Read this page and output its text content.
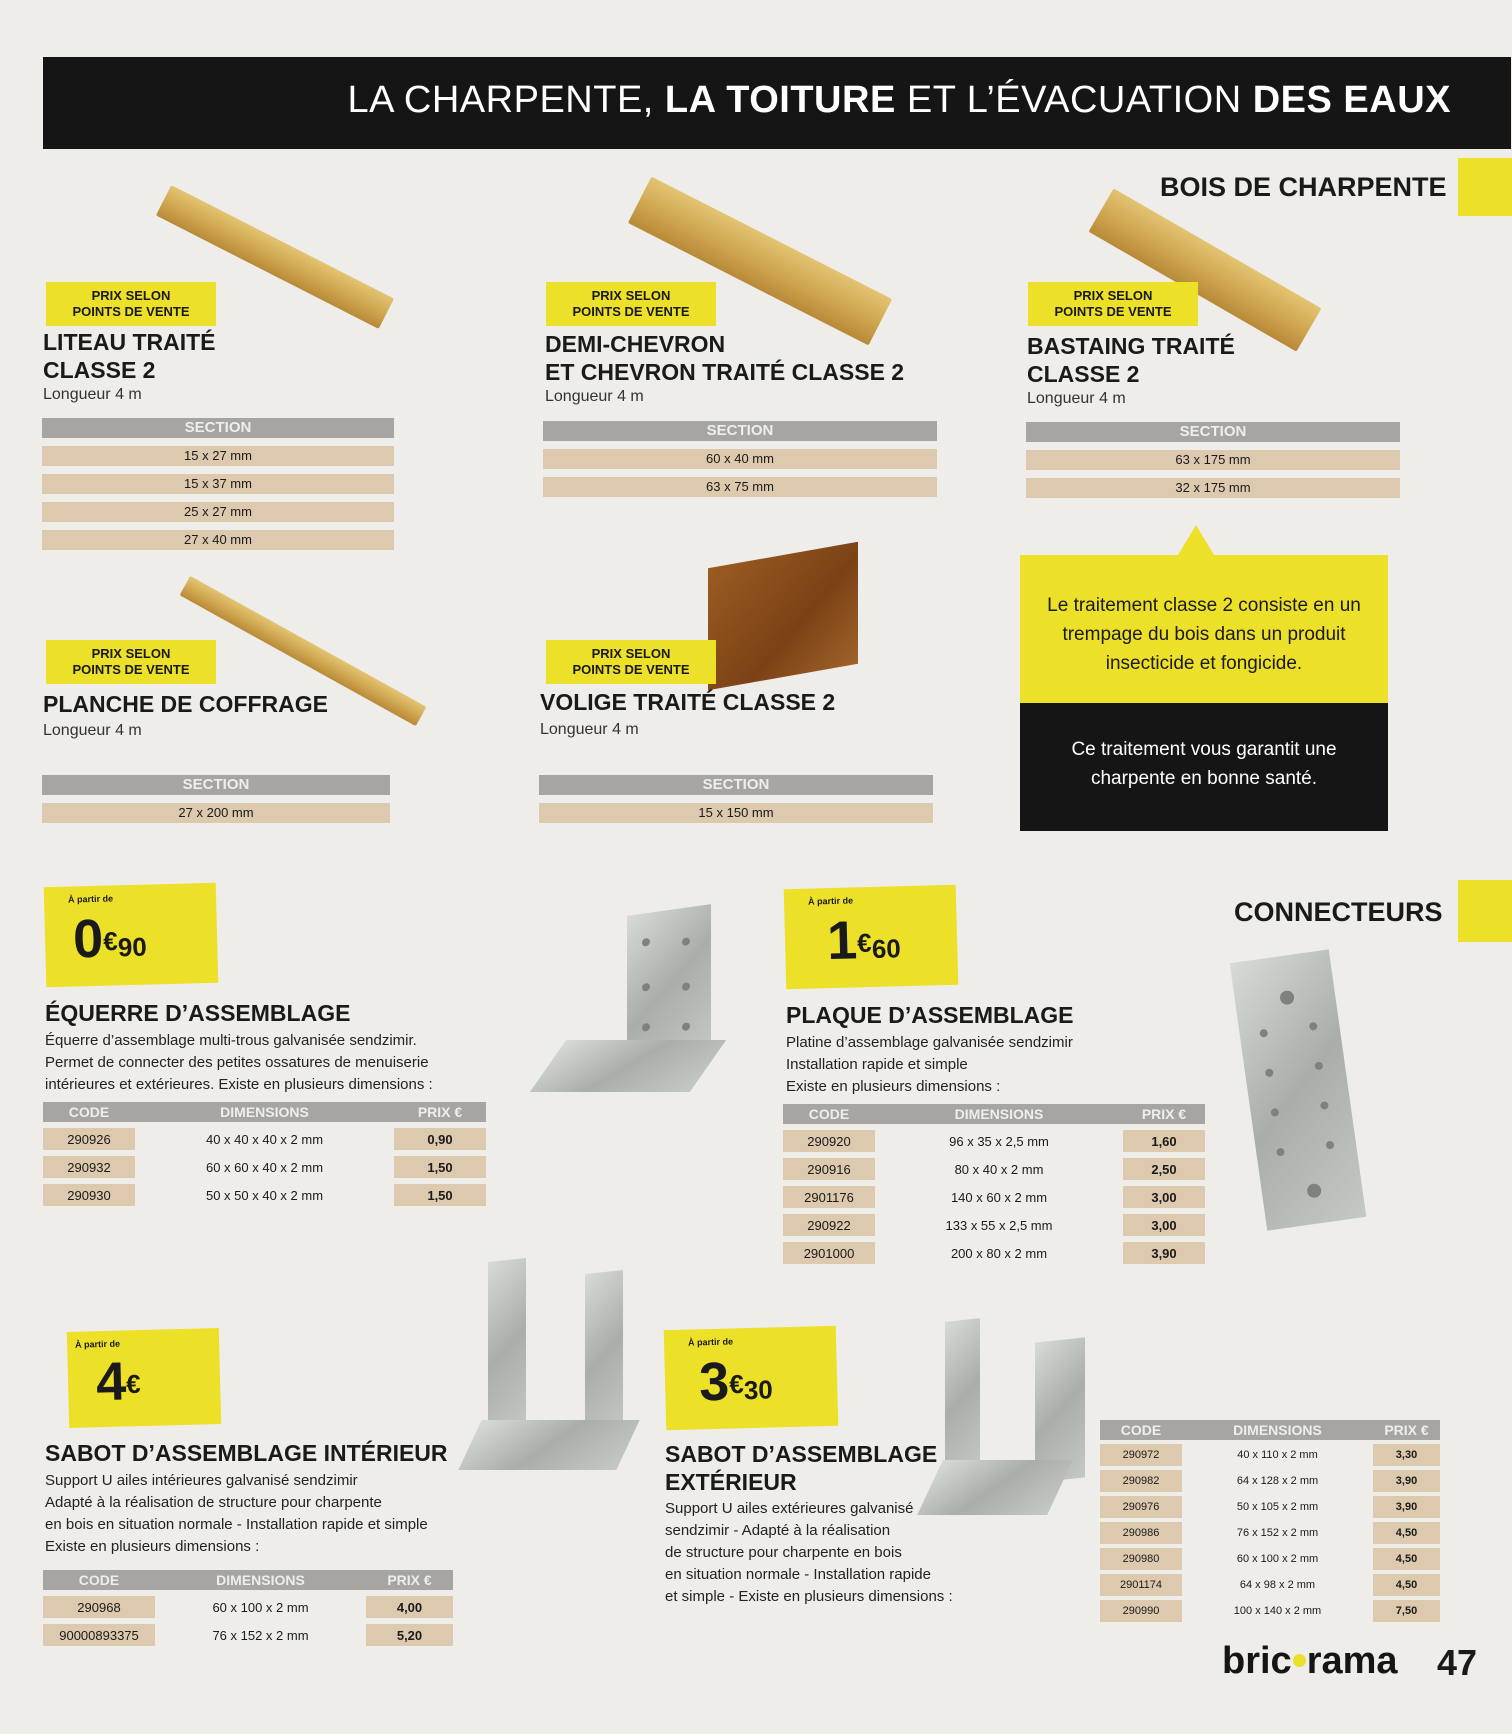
LA CHARPENTE, LA TOITURE ET L’ÉVACUATION DES EAUX
BOIS DE CHARPENTE
PRIX SELON
POINTS DE VENTE
LITEAU TRAITÉ
CLASSE 2
Longueur 4 m
SECTION
15 x 27 mm
15 x 37 mm
25 x 27 mm
27 x 40 mm
PRIX SELON
POINTS DE VENTE
DEMI-CHEVRON
ET CHEVRON TRAITÉ CLASSE 2
Longueur 4 m
SECTION
60 x 40 mm
63 x 75 mm
PRIX SELON
POINTS DE VENTE
BASTAING TRAITÉ
CLASSE 2
Longueur 4 m
SECTION
63 x 175 mm
32 x 175 mm
PRIX SELON
POINTS DE VENTE
PLANCHE DE COFFRAGE
Longueur 4 m
SECTION
27 x 200 mm
PRIX SELON
POINTS DE VENTE
VOLIGE TRAITÉ CLASSE 2
Longueur 4 m
SECTION
15 x 150 mm
Le traitement classe 2 consiste en un trempage du bois dans un produit insecticide et fongicide.
Ce traitement vous garantit une charpente en bonne santé.
CONNECTEURS
À partir de
0€90
ÉQUERRE D’ASSEMBLAGE
Équerre d’assemblage multi-trous galvanisée sendzimir.
Permet de connecter des petites ossatures de menuiserie
intérieures et extérieures. Existe en plusieurs dimensions :
CODE	DIMENSIONS	PRIX €
290926	40 x 40 x 40 x 2 mm	0,90
290932	60 x 60 x 40 x 2 mm	1,50
290930	50 x 50 x 40 x 2 mm	1,50
À partir de
1€60
PLAQUE D’ASSEMBLAGE
Platine d’assemblage galvanisée sendzimir
Installation rapide et simple
Existe en plusieurs dimensions :
CODE	DIMENSIONS	PRIX €
290920	96 x 35 x 2,5 mm	1,60
290916	80 x 40 x 2 mm	2,50
2901176	140 x 60 x 2 mm	3,00
290922	133 x 55 x 2,5 mm	3,00
2901000	200 x 80 x 2 mm	3,90
À partir de
4€
SABOT D’ASSEMBLAGE INTÉRIEUR
Support U ailes intérieures galvanisé sendzimir
Adapté à la réalisation de structure pour charpente
en bois en situation normale - Installation rapide et simple
Existe en plusieurs dimensions :
CODE	DIMENSIONS	PRIX €
290968	60 x 100 x 2 mm	4,00
90000893375	76 x 152 x 2 mm	5,20
À partir de
3€30
SABOT D’ASSEMBLAGE
EXTÉRIEUR
Support U ailes extérieures galvanisé
sendzimir - Adapté à la réalisation
de structure pour charpente en bois
en situation normale - Installation rapide
et simple - Existe en plusieurs dimensions :
CODE	DIMENSIONS	PRIX €
290972	40 x 110 x 2 mm	3,30
290982	64 x 128 x 2 mm	3,90
290976	50 x 105 x 2 mm	3,90
290986	76 x 152 x 2 mm	4,50
290980	60 x 100 x 2 mm	4,50
2901174	64 x 98 x 2 mm	4,50
290990	100 x 140 x 2 mm	7,50
bric rama 47
